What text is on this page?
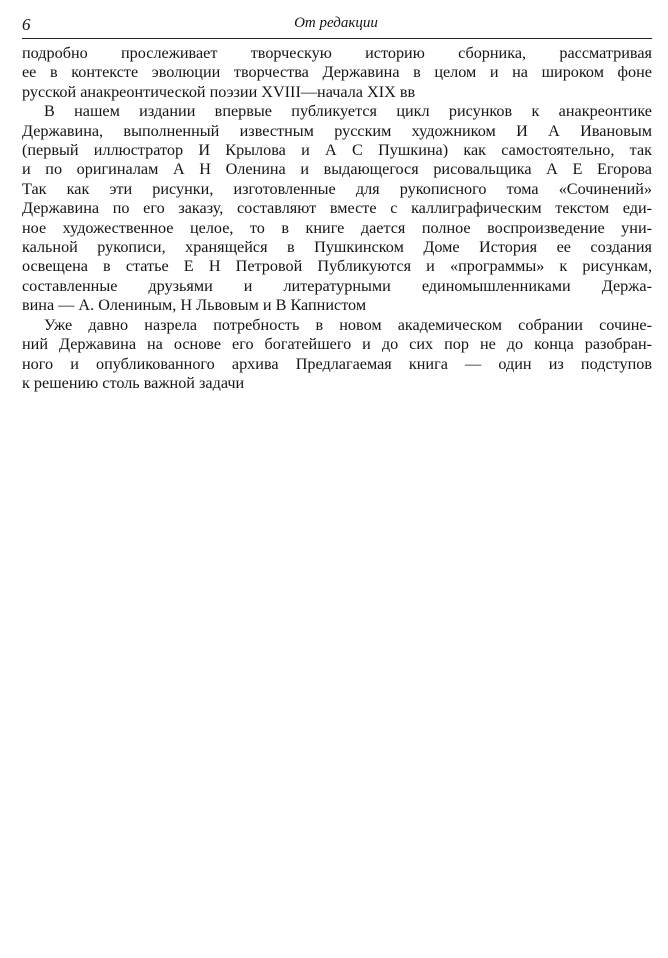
6	От редакции

подробно прослеживает творческую историю сборника, рассматривая

ее в контексте эволюции творчества Державина в целом и на широком фоне

русской анакреонтической поэзии XVIII—начала XIX вв

В нашем издании впервые публикуется цикл рисунков к анакреонтике

Державина, выполненный известным русским художником И А Ивановым

(первый иллюстратор И Крылова и А С Пушкина) как самостоятельно, так

и по оригиналам А Н Оленина и выдающегося рисовальщика А Е Егорова

Так как эти рисунки, изготовленные для рукописного тома «Сочинений»

Державина по его заказу, составляют вместе с каллиграфическим текстом еди-

ное художественное целое, то в книге дается полное воспроизведение уни-

кальной рукописи, хранящейся в Пушкинском Доме История ее создания

освещена в статье Е Н Петровой Публикуются и «программы» к рисункам,

составленные друзьями и литературными единомышленниками Держа-

вина — А. Олениным, Н Львовым и В Капнистом

Уже давно назрела потребность в новом академическом собрании сочине-

ний Державина на основе его богатейшего и до сих пор не до конца разобран-

ного и опубликованного архива Предлагаемая книга — один из подступов

к решению столь важной задачи
